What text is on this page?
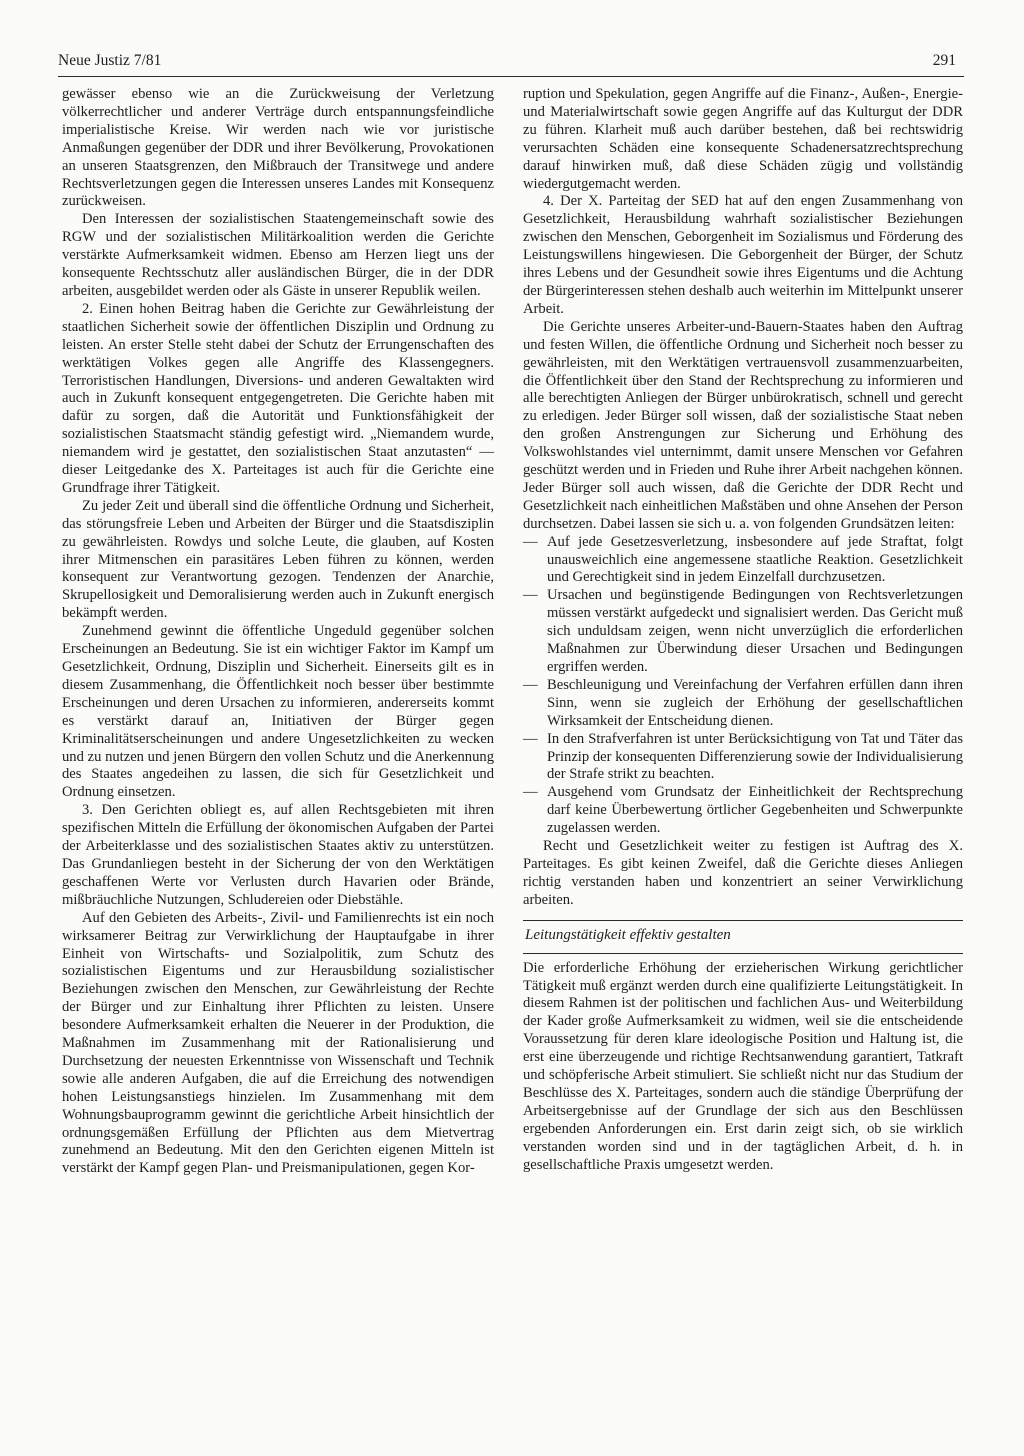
Neue Justiz 7/81	291

gewässer ebenso wie an die Zurückweisung der Verletzung völkerrechtlicher und anderer Verträge durch entspannungsfeindliche imperialistische Kreise. Wir werden nach wie vor juristische Anmaßungen gegenüber der DDR und ihrer Bevölkerung, Provokationen an unseren Staatsgrenzen, den Mißbrauch der Transitwege und andere Rechtsverletzungen gegen die Interessen unseres Landes mit Konsequenz zurückweisen.

Den Interessen der sozialistischen Staatengemeinschaft sowie des RGW und der sozialistischen Militärkoalition werden die Gerichte verstärkte Aufmerksamkeit widmen. Ebenso am Herzen liegt uns der konsequente Rechtsschutz aller ausländischen Bürger, die in der DDR arbeiten, ausgebildet werden oder als Gäste in unserer Republik weilen.

2. Einen hohen Beitrag haben die Gerichte zur Gewährleistung der staatlichen Sicherheit sowie der öffentlichen Disziplin und Ordnung zu leisten. An erster Stelle steht dabei der Schutz der Errungenschaften des werktätigen Volkes gegen alle Angriffe des Klassengegners. Terroristischen Handlungen, Diversions- und anderen Gewaltakten wird auch in Zukunft konsequent entgegengetreten. Die Gerichte haben mit dafür zu sorgen, daß die Autorität und Funktionsfähigkeit der sozialistischen Staatsmacht ständig gefestigt wird. „Niemandem wurde, niemandem wird je gestattet, den sozialistischen Staat anzutasten“ — dieser Leitgedanke des X. Parteitages ist auch für die Gerichte eine Grundfrage ihrer Tätigkeit.

Zu jeder Zeit und überall sind die öffentliche Ordnung und Sicherheit, das störungsfreie Leben und Arbeiten der Bürger und die Staatsdisziplin zu gewährleisten. Rowdys und solche Leute, die glauben, auf Kosten ihrer Mitmenschen ein parasitäres Leben führen zu können, werden konsequent zur Verantwortung gezogen. Tendenzen der Anarchie, Skrupellosigkeit und Demoralisierung werden auch in Zukunft energisch bekämpft werden.

Zunehmend gewinnt die öffentliche Ungeduld gegenüber solchen Erscheinungen an Bedeutung. Sie ist ein wichtiger Faktor im Kampf um Gesetzlichkeit, Ordnung, Disziplin und Sicherheit. Einerseits gilt es in diesem Zusammenhang, die Öffentlichkeit noch besser über bestimmte Erscheinungen und deren Ursachen zu informieren, andererseits kommt es verstärkt darauf an, Initiativen der Bürger gegen Kriminalitätserscheinungen und andere Ungesetzlichkeiten zu wecken und zu nutzen und jenen Bürgern den vollen Schutz und die Anerkennung des Staates angedeihen zu lassen, die sich für Gesetzlichkeit und Ordnung einsetzen.

3. Den Gerichten obliegt es, auf allen Rechtsgebieten mit ihren spezifischen Mitteln die Erfüllung der ökonomischen Aufgaben der Partei der Arbeiterklasse und des sozialistischen Staates aktiv zu unterstützen. Das Grundanliegen besteht in der Sicherung der von den Werktätigen geschaffenen Werte vor Verlusten durch Havarien oder Brände, mißbräuchliche Nutzungen, Schludereien oder Diebstähle.

Auf den Gebieten des Arbeits-, Zivil- und Familienrechts ist ein noch wirksamerer Beitrag zur Verwirklichung der Hauptaufgabe in ihrer Einheit von Wirtschafts- und Sozialpolitik, zum Schutz des sozialistischen Eigentums und zur Herausbildung sozialistischer Beziehungen zwischen den Menschen, zur Gewährleistung der Rechte der Bürger und zur Einhaltung ihrer Pflichten zu leisten. Unsere besondere Aufmerksamkeit erhalten die Neuerer in der Produktion, die Maßnahmen im Zusammenhang mit der Rationalisierung und Durchsetzung der neuesten Erkenntnisse von Wissenschaft und Technik sowie alle anderen Aufgaben, die auf die Erreichung des notwendigen hohen Leistungsanstiegs hinzielen. Im Zusammenhang mit dem Wohnungsbauprogramm gewinnt die gerichtliche Arbeit hinsichtlich der ordnungsgemäßen Erfüllung der Pflichten aus dem Mietvertrag zunehmend an Bedeutung. Mit den den Gerichten eigenen Mitteln ist verstärkt der Kampf gegen Plan- und Preismanipulationen, gegen Kor-

ruption und Spekulation, gegen Angriffe auf die Finanz-, Außen-, Energie- und Materialwirtschaft sowie gegen Angriffe auf das Kulturgut der DDR zu führen. Klarheit muß auch darüber bestehen, daß bei rechtswidrig verursachten Schäden eine konsequente Schadenersatzrechtsprechung darauf hinwirken muß, daß diese Schäden zügig und vollständig wiedergutgemacht werden.

4. Der X. Parteitag der SED hat auf den engen Zusammenhang von Gesetzlichkeit, Herausbildung wahrhaft sozialistischer Beziehungen zwischen den Menschen, Geborgenheit im Sozialismus und Förderung des Leistungswillens hingewiesen. Die Geborgenheit der Bürger, der Schutz ihres Lebens und der Gesundheit sowie ihres Eigentums und die Achtung der Bürgerinteressen stehen deshalb auch weiterhin im Mittelpunkt unserer Arbeit.

Die Gerichte unseres Arbeiter-und-Bauern-Staates haben den Auftrag und festen Willen, die öffentliche Ordnung und Sicherheit noch besser zu gewährleisten, mit den Werktätigen vertrauensvoll zusammenzuarbeiten, die Öffentlichkeit über den Stand der Rechtsprechung zu informieren und alle berechtigten Anliegen der Bürger unbürokratisch, schnell und gerecht zu erledigen. Jeder Bürger soll wissen, daß der sozialistische Staat neben den großen Anstrengungen zur Sicherung und Erhöhung des Volkswohlstandes viel unternimmt, damit unsere Menschen vor Gefahren geschützt werden und in Frieden und Ruhe ihrer Arbeit nachgehen können. Jeder Bürger soll auch wissen, daß die Gerichte der DDR Recht und Gesetzlichkeit nach einheitlichen Maßstäben und ohne Ansehen der Person durchsetzen. Dabei lassen sie sich u. a. von folgenden Grundsätzen leiten:

— Auf jede Gesetzesverletzung, insbesondere auf jede Straftat, folgt unausweichlich eine angemessene staatliche Reaktion. Gesetzlichkeit und Gerechtigkeit sind in jedem Einzelfall durchzusetzen.

— Ursachen und begünstigende Bedingungen von Rechtsverletzungen müssen verstärkt aufgedeckt und signalisiert werden. Das Gericht muß sich unduldsam zeigen, wenn nicht unverzüglich die erforderlichen Maßnahmen zur Überwindung dieser Ursachen und Bedingungen ergriffen werden.

— Beschleunigung und Vereinfachung der Verfahren erfüllen dann ihren Sinn, wenn sie zugleich der Erhöhung der gesellschaftlichen Wirksamkeit der Entscheidung dienen.

— In den Strafverfahren ist unter Berücksichtigung von Tat und Täter das Prinzip der konsequenten Differenzierung sowie der Individualisierung der Strafe strikt zu beachten.

— Ausgehend vom Grundsatz der Einheitlichkeit der Rechtsprechung darf keine Überbewertung örtlicher Gegebenheiten und Schwerpunkte zugelassen werden.

Recht und Gesetzlichkeit weiter zu festigen ist Auftrag des X. Parteitages. Es gibt keinen Zweifel, daß die Gerichte dieses Anliegen richtig verstanden haben und konzentriert an seiner Verwirklichung arbeiten.

Leitungstätigkeit effektiv gestalten

Die erforderliche Erhöhung der erzieherischen Wirkung gerichtlicher Tätigkeit muß ergänzt werden durch eine qualifizierte Leitungstätigkeit. In diesem Rahmen ist der politischen und fachlichen Aus- und Weiterbildung der Kader große Aufmerksamkeit zu widmen, weil sie die entscheidende Voraussetzung für deren klare ideologische Position und Haltung ist, die erst eine überzeugende und richtige Rechtsanwendung garantiert, Tatkraft und schöpferische Arbeit stimuliert. Sie schließt nicht nur das Studium der Beschlüsse des X. Parteitages, sondern auch die ständige Überprüfung der Arbeitsergebnisse auf der Grundlage der sich aus den Beschlüssen ergebenden Anforderungen ein. Erst darin zeigt sich, ob sie wirklich verstanden worden sind und in der tagtäglichen Arbeit, d. h. in gesellschaftliche Praxis umgesetzt werden.
